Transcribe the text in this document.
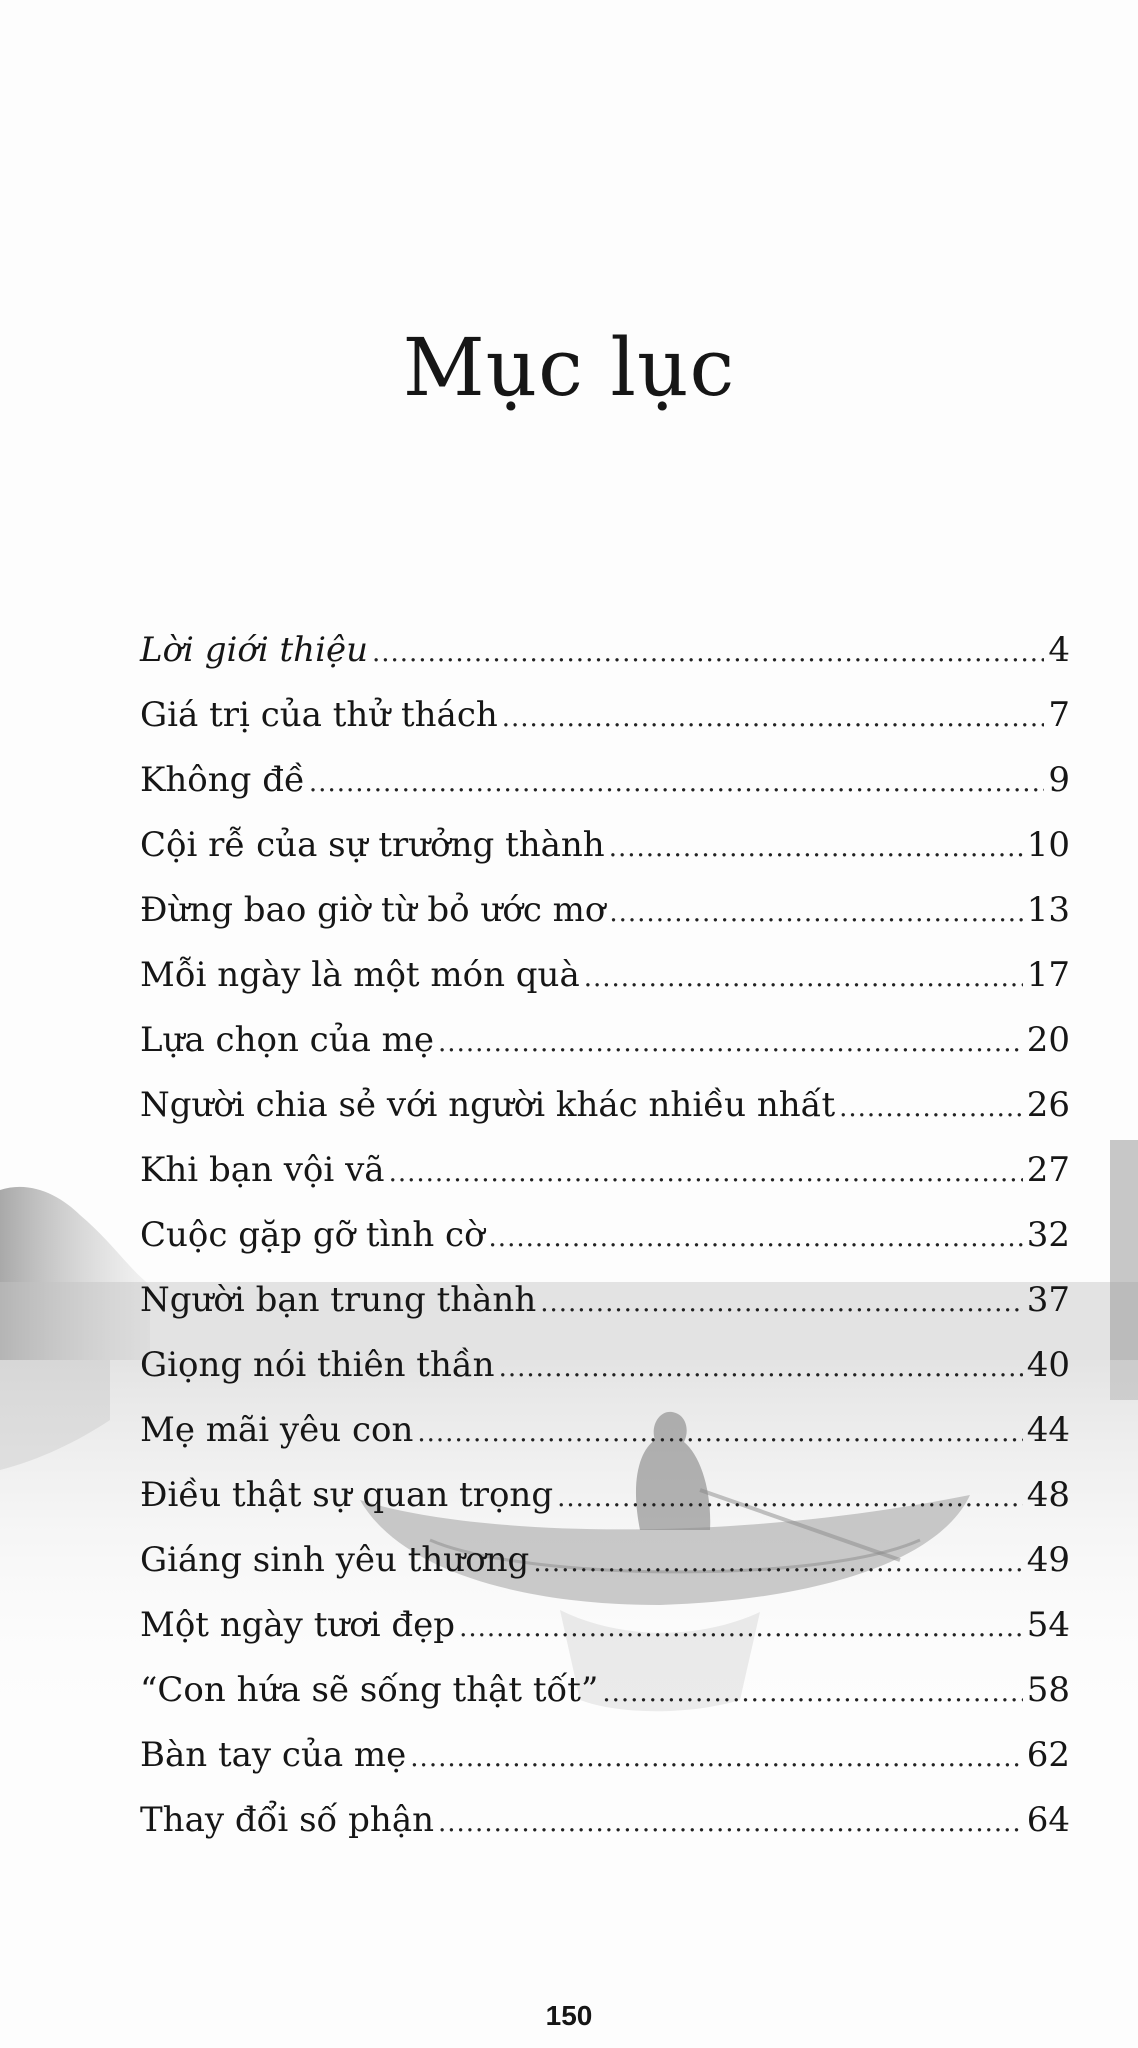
Mục lục
Lời giới thiệu .....	4
Giá trị của thử thách .....	7
Không đề .....	9
Cội rễ của sự trưởng thành .....	10
Đừng bao giờ từ bỏ ước mơ .....	13
Mỗi ngày là một món quà .....	17
Lựa chọn của mẹ .....	20
Người chia sẻ với người khác nhiều nhất .....	26
Khi bạn vội vã .....	27
Cuộc gặp gỡ tình cờ .....	32
Người bạn trung thành .....	37
Giọng nói thiên thần .....	40
Mẹ mãi yêu con .....	44
Điều thật sự quan trọng .....	48
Giáng sinh yêu thương .....	49
Một ngày tươi đẹp .....	54
“Con hứa sẽ sống thật tốt” .....	58
Bàn tay của mẹ .....	62
Thay đổi số phận .....	64
150
